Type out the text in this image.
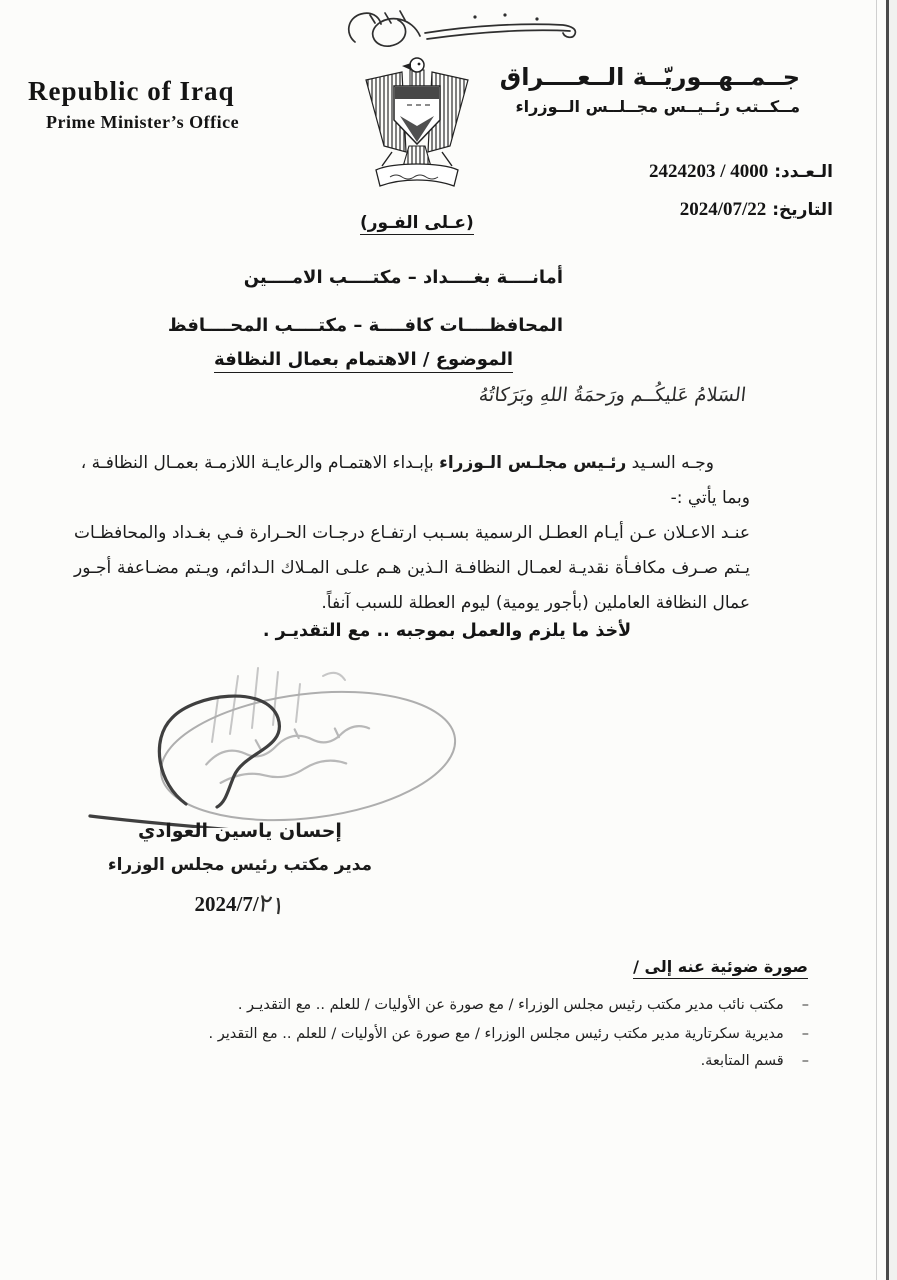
Republic of Iraq
Prime Minister’s Office
جــمــهــوريّــة الــعــــراق
مــكــتب رئــيــس مجــلــس الــوزراء
الـعـدد: 4000 / 2424203
التاريخ: 2024/07/22
(عـلى الفـور)
أمانــــة بغــــداد – مكتــــب الامــــين
المحافظــــات كافــــة – مكتــــب المحــــافظ
الموضوع / الاهتمام بعمال النظافة
السَلامُ عَليكُــم ورَحمَةُ اللهِ وبَرَكاتُهُ

وجـه السـيد رئـيس مجلـس الـوزراء بإبـداء الاهتمـام والرعايـة اللازمـة بعمـال النظافـة ،

وبما يأتي :-

عنـد الاعـلان عـن أيـام العطـل الرسمية بسـبب ارتفـاع درجـات الحـرارة فـي بغـداد والمحافظـات يـتم صـرف مكافـأة نقديـة لعمـال النظافـة الـذين هـم علـى المـلاك الـدائم، ويـتم مضـاعفة أجـور عمال النظافة العاملين (بأجور يومية) ليوم العطلة للسبب آنفاً.

لأخذ ما يلزم والعمل بموجبه .. مع التقديـر .
إحسان ياسين العوادي
مدير مكتب رئيس مجلس الوزراء
2024/7/٢١
صورة ضوئية عنه إلى /
–مكتب نائب مدير مكتب رئيس مجلس الوزراء / مع صورة عن الأوليات / للعلم .. مع التقديـر .
–مديرية سكرتارية مدير مكتب رئيس مجلس الوزراء / مع صورة عن الأوليات / للعلم .. مع التقدير .
–قسم المتابعة.
